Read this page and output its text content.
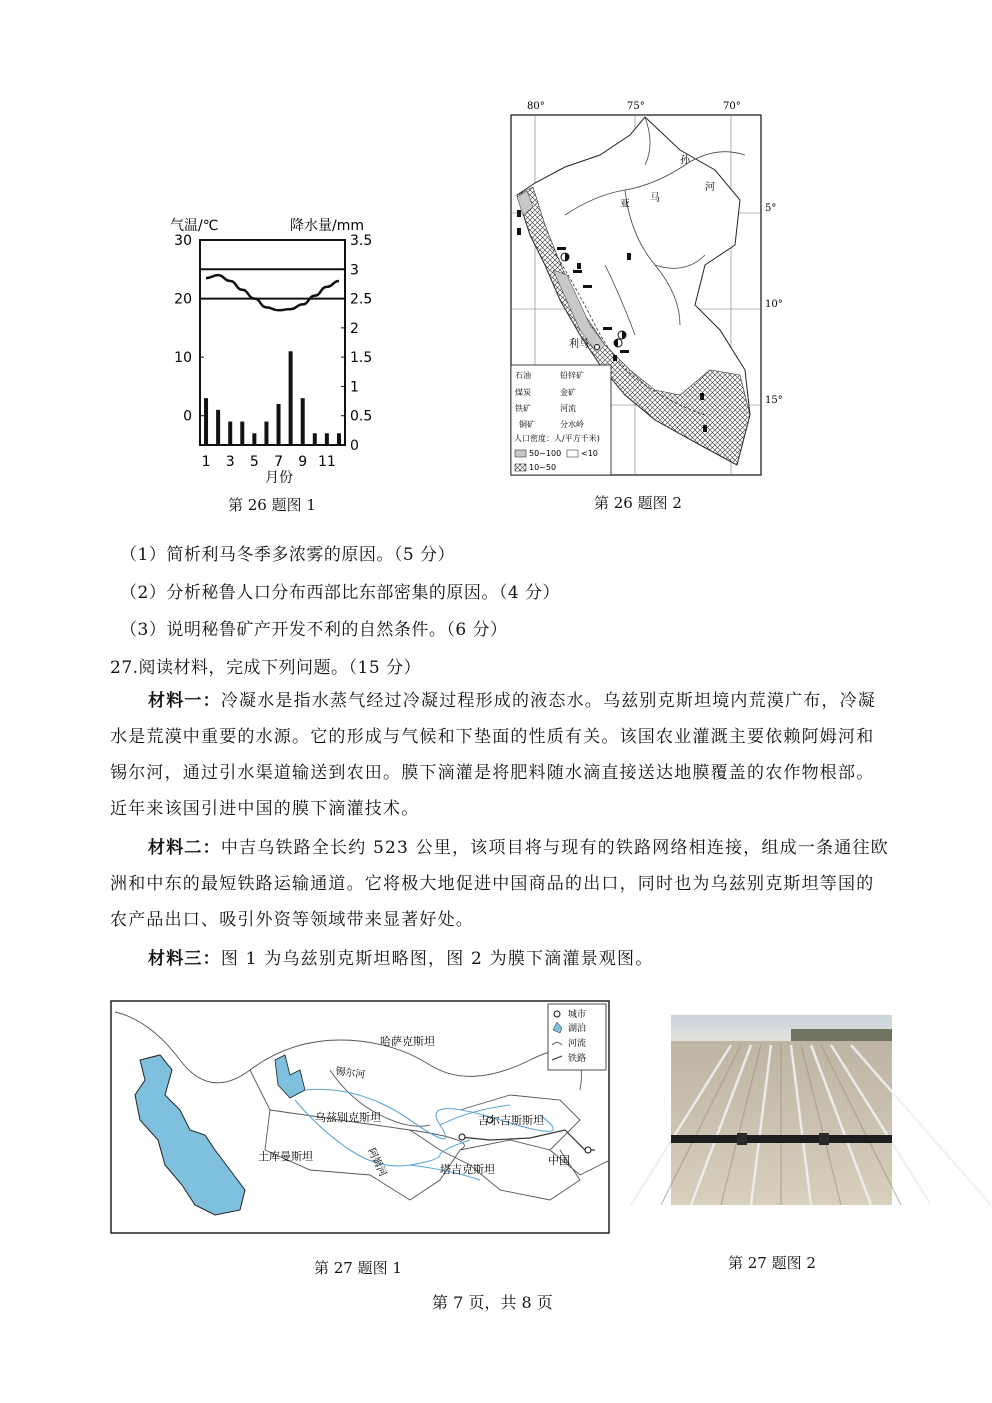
气温/℃	降水量/mm
30
20
10
0
3.5
3
2.5
2
1.5
1
0.5
0
1 3 5 7 9 11
月份
第 26 题图 1
80°	75°	70°
5°
10°
15°
孙
河
亚
马
利马
石油	铅锌矿
煤炭	金矿
铁矿	河流
铜矿	分水岭
人口密度：人/平方千米)
50~100 <10
10~50
第 26 题图 2
（1）简析利马冬季多浓雾的原因。（5 分）
（2）分析秘鲁人口分布西部比东部密集的原因。（4 分）
（3）说明秘鲁矿产开发不利的自然条件。（6 分）
27.阅读材料，完成下列问题。（15 分）
材料一：冷凝水是指水蒸气经过冷凝过程形成的液态水。乌兹别克斯坦境内荒漠广布，冷凝水是荒漠中重要的水源。它的形成与气候和下垫面的性质有关。该国农业灌溉主要依赖阿姆河和锡尔河，通过引水渠道输送到农田。膜下滴灌是将肥料随水滴直接送达地膜覆盖的农作物根部。近年来该国引进中国的膜下滴灌技术。
材料二：中吉乌铁路全长约 523 公里，该项目将与现有的铁路网络相连接，组成一条通往欧洲和中东的最短铁路运输通道。它将极大地促进中国商品的出口，同时也为乌兹别克斯坦等国的农产品出口、吸引外资等领域带来显著好处。
材料三：图 1 为乌兹别克斯坦略图，图 2 为膜下滴灌景观图。
哈萨克斯坦
锡尔河
乌兹别克斯坦	吉尔吉斯斯坦
土库曼斯坦	阿姆河	塔吉克斯坦
中国
城市
湖泊
河流
铁路
第 27 题图 1	第 27 题图 2
第 7 页，共 8 页
